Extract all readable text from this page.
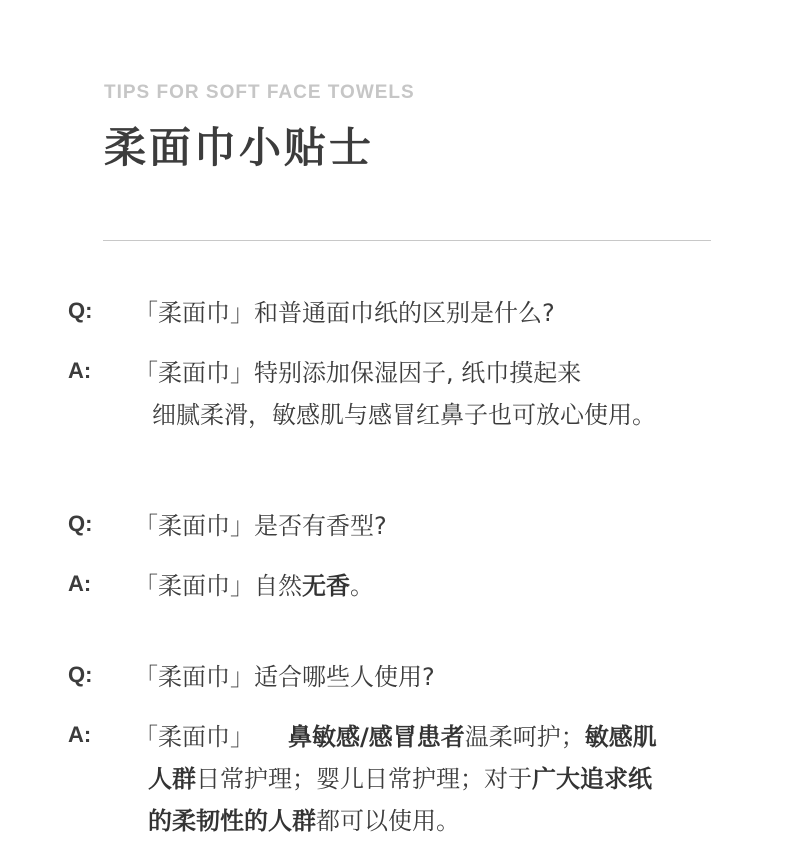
TIPS FOR SOFT FACE TOWELS
柔面巾小贴士
Q: 「柔面巾」和普通面巾纸的区别是什么?
A: 「柔面巾」特别添加保湿因子, 纸巾摸起来
细腻柔滑，敏感肌与感冒红鼻子也可放心使用。
Q: 「柔面巾」是否有香型?
A: 「柔面巾」自然无香。
Q: 「柔面巾」适合哪些人使用?
A: 「柔面巾」 鼻敏感/感冒患者温柔呵护；敏感肌
人群日常护理；婴儿日常护理；对于广大追求纸
的柔韧性的人群都可以使用。
